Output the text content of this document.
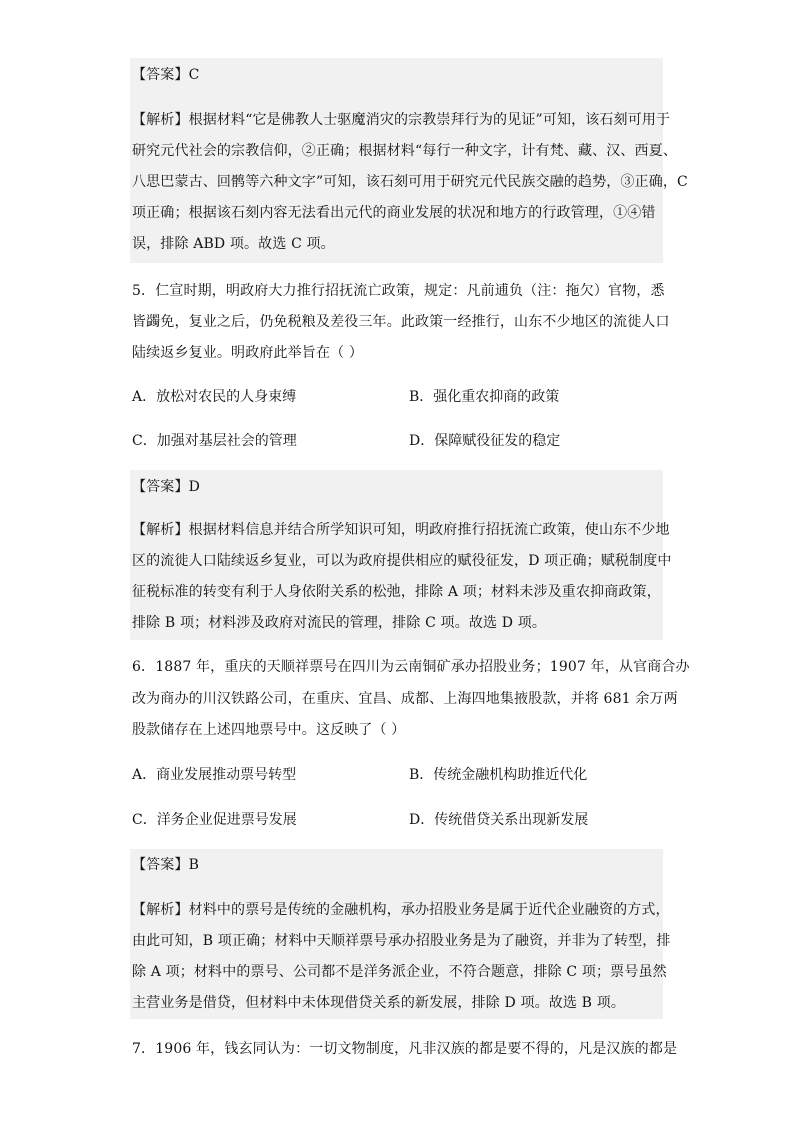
【答案】C
【解析】根据材料“它是佛教人士驱魔消灾的宗教崇拜行为的见证”可知，该石刻可用于
研究元代社会的宗教信仰，②正确；根据材料“每行一种文字，计有梵、藏、汉、西夏、
八思巴蒙古、回鹘等六种文字”可知，该石刻可用于研究元代民族交融的趋势，③正确，C
项正确；根据该石刻内容无法看出元代的商业发展的状况和地方的行政管理，①④错
误，排除 ABD 项。故选 C 项。
5．仁宣时期，明政府大力推行招抚流亡政策，规定：凡前逋负（注：拖欠）官物，悉
皆蠲免，复业之后，仍免税粮及差役三年。此政策一经推行，山东不少地区的流徙人口
陆续返乡复业。明政府此举旨在（ ）
A．放松对农民的人身束缚	B．强化重农抑商的政策
C．加强对基层社会的管理	D．保障赋役征发的稳定
【答案】D
【解析】根据材料信息并结合所学知识可知，明政府推行招抚流亡政策，使山东不少地
区的流徙人口陆续返乡复业，可以为政府提供相应的赋役征发，D 项正确；赋税制度中
征税标准的转变有利于人身依附关系的松弛，排除 A 项；材料未涉及重农抑商政策，
排除 B 项；材料涉及政府对流民的管理，排除 C 项。故选 D 项。
6．1887 年，重庆的天顺祥票号在四川为云南铜矿承办招股业务；1907 年，从官商合办
改为商办的川汉铁路公司，在重庆、宜昌、成都、上海四地集掖股款，并将 681 余万两
股款储存在上述四地票号中。这反映了（ ）
A．商业发展推动票号转型	B．传统金融机构助推近代化
C．洋务企业促进票号发展	D．传统借贷关系出现新发展
【答案】B
【解析】材料中的票号是传统的金融机构，承办招股业务是属于近代企业融资的方式，
由此可知，B 项正确；材料中天顺祥票号承办招股业务是为了融资，并非为了转型，排
除 A 项；材料中的票号、公司都不是洋务派企业，不符合题意，排除 C 项；票号虽然
主营业务是借贷，但材料中未体现借贷关系的新发展，排除 D 项。故选 B 项。
7．1906 年，钱玄同认为：一切文物制度，凡非汉族的都是要不得的，凡是汉族的都是
